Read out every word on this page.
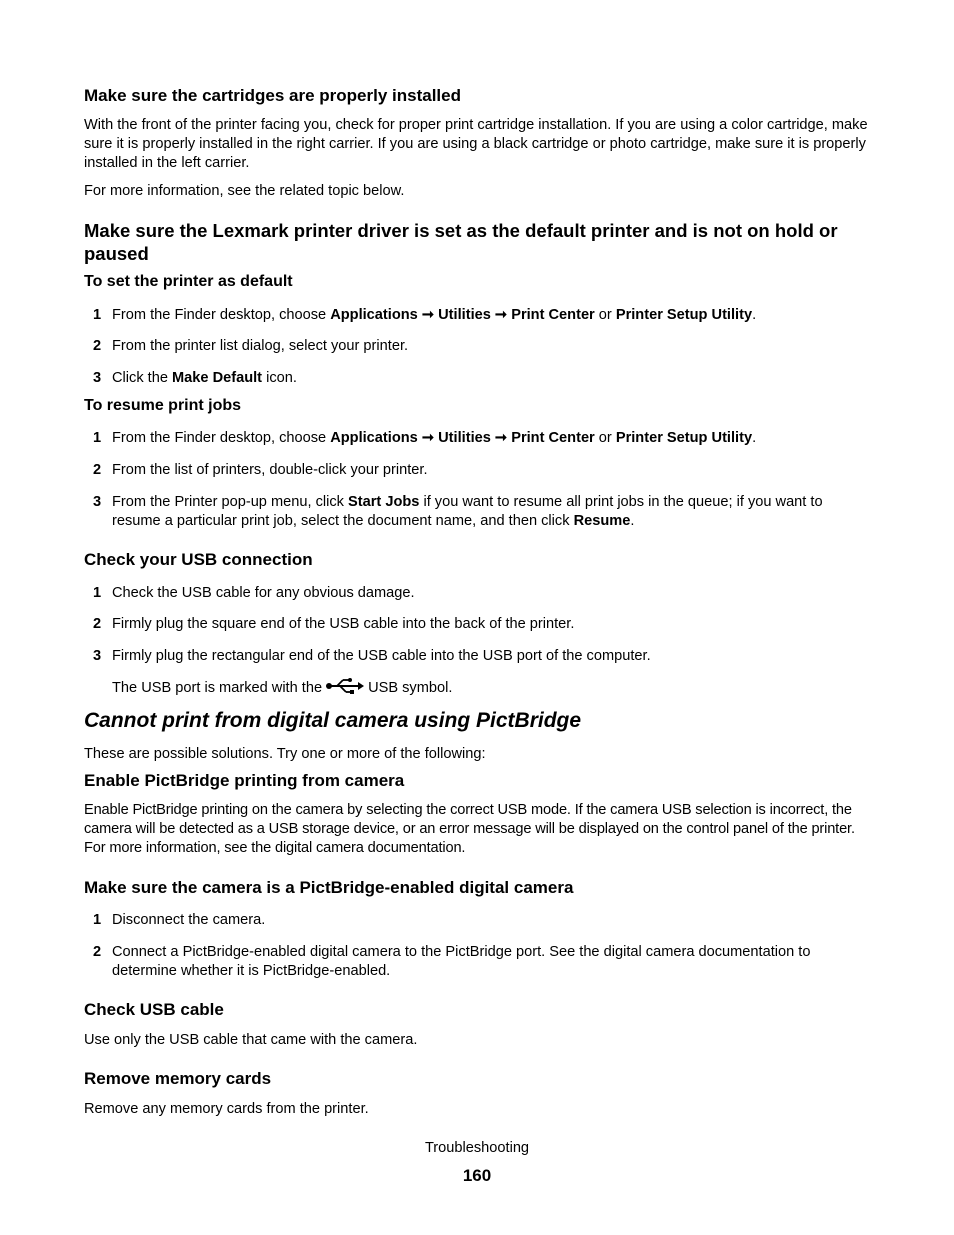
Make sure the cartridges are properly installed
With the front of the printer facing you, check for proper print cartridge installation. If you are using a color cartridge, make sure it is properly installed in the right carrier. If you are using a black cartridge or photo cartridge, make sure it is properly installed in the left carrier.
For more information, see the related topic below.
Make sure the Lexmark printer driver is set as the default printer and is not on hold or paused
To set the printer as default
1 From the Finder desktop, choose Applications ➞ Utilities ➞ Print Center or Printer Setup Utility.
2 From the printer list dialog, select your printer.
3 Click the Make Default icon.
To resume print jobs
1 From the Finder desktop, choose Applications ➞ Utilities ➞ Print Center or Printer Setup Utility.
2 From the list of printers, double-click your printer.
3 From the Printer pop-up menu, click Start Jobs if you want to resume all print jobs in the queue; if you want to resume a particular print job, select the document name, and then click Resume.
Check your USB connection
1 Check the USB cable for any obvious damage.
2 Firmly plug the square end of the USB cable into the back of the printer.
3 Firmly plug the rectangular end of the USB cable into the USB port of the computer.
The USB port is marked with the	USB symbol.
Cannot print from digital camera using PictBridge
These are possible solutions. Try one or more of the following:
Enable PictBridge printing from camera
Enable PictBridge printing on the camera by selecting the correct USB mode. If the camera USB selection is incorrect, the camera will be detected as a USB storage device, or an error message will be displayed on the control panel of the printer. For more information, see the digital camera documentation.
Make sure the camera is a PictBridge-enabled digital camera
1 Disconnect the camera.
2 Connect a PictBridge-enabled digital camera to the PictBridge port. See the digital camera documentation to determine whether it is PictBridge-enabled.
Check USB cable
Use only the USB cable that came with the camera.
Remove memory cards
Remove any memory cards from the printer.
Troubleshooting
160
